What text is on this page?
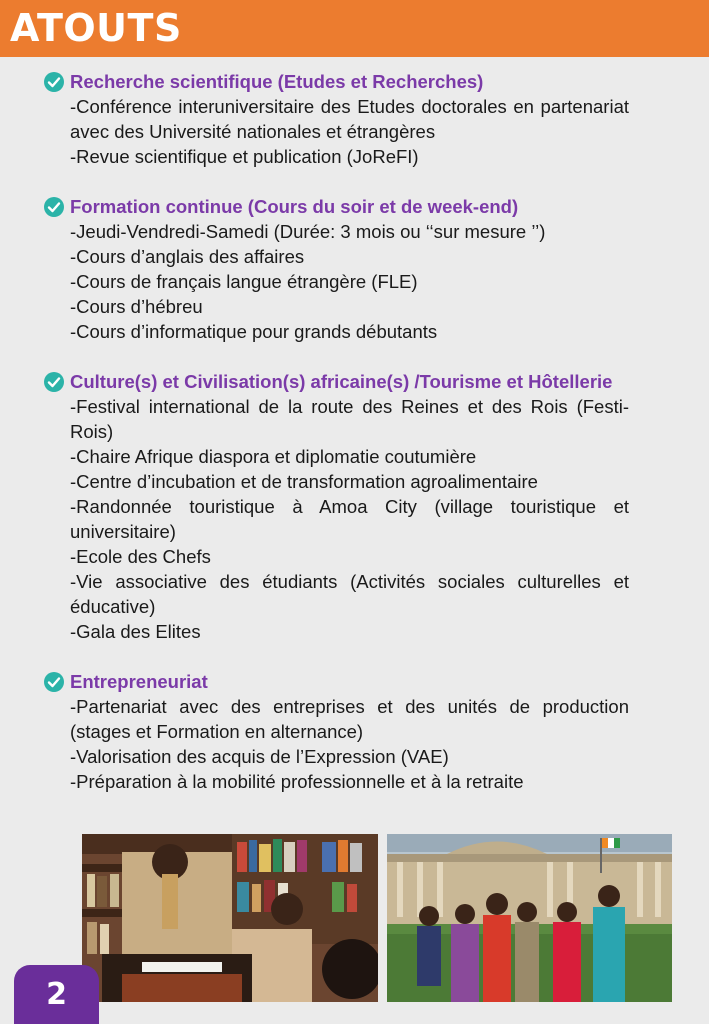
ATOUTS
Recherche scientifique (Etudes et Recherches)
-Conférence interuniversitaire des Etudes doctorales en partenariat avec des Université nationales et étrangères
-Revue scientifique et publication (JoReFI)
Formation continue (Cours du soir et de week-end)
-Jeudi-Vendredi-Samedi (Durée: 3 mois ou ‘‘sur mesure ’’)
-Cours d’anglais des affaires
-Cours de français langue étrangère (FLE)
-Cours d’hébreu
-Cours d’informatique pour grands débutants
Culture(s) et Civilisation(s) africaine(s) /Tourisme et Hôtellerie
-Festival international de la route des Reines et des Rois (Festi-Rois)
-Chaire Afrique diaspora et diplomatie coutumière
-Centre d’incubation et de transformation agroalimentaire
-Randonnée touristique à Amoa City (village touristique et universitaire)
-Ecole des Chefs
-Vie associative des étudiants (Activités sociales culturelles et éducative)
-Gala des Elites
Entrepreneuriat
-Partenariat avec des entreprises et des unités de production (stages et Formation en alternance)
-Valorisation des acquis de l’Expression (VAE)
-Préparation à la mobilité professionnelle et à la retraite
2
